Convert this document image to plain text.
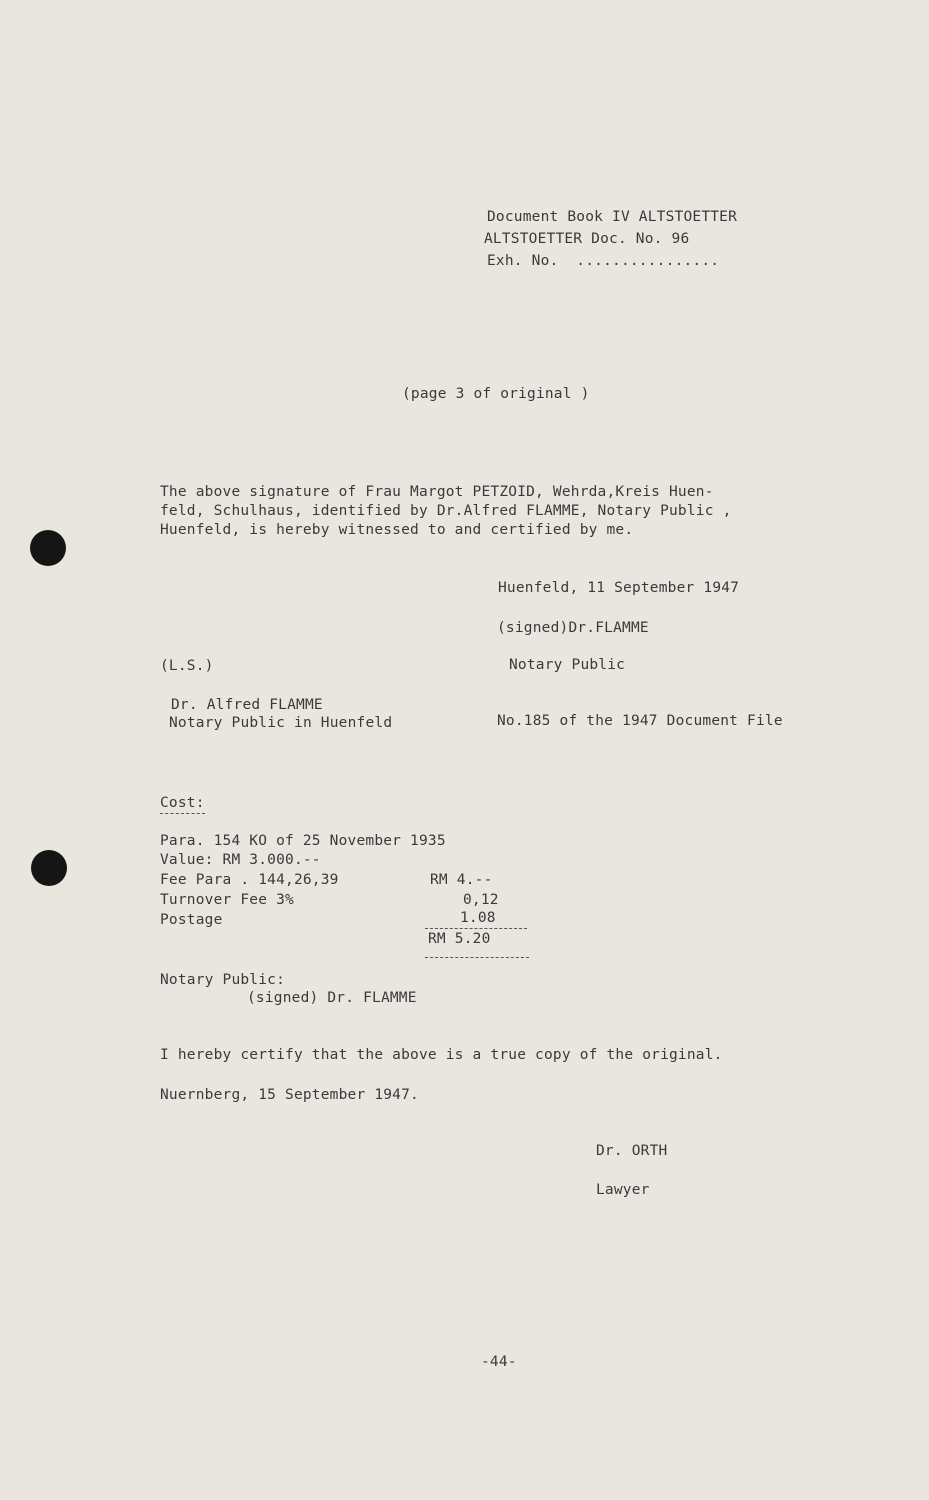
Document Book IV ALTSTOETTER
ALTSTOETTER Doc. No. 96
Exh. No.  ................
(page 3 of original )
The above signature of Frau Margot PETZOID, Wehrda,Kreis Huen-
feld, Schulhaus, identified by Dr.Alfred FLAMME, Notary Public ,
Huenfeld, is hereby witnessed to and certified by me.
Huenfeld, 11 September 1947
(signed)Dr.FLAMME
Notary Public
(L.S.)
Dr. Alfred FLAMME
Notary Public in Huenfeld	No.185 of the 1947 Document File
Cost:
Para. 154 KO of 25 November 1935
Value: RM 3.000.--
Fee Para . 144,26,39	RM 4.--
Turnover Fee 3%	0,12
Postage	1.08
RM 5.20
Notary Public:
(signed) Dr. FLAMME
I hereby certify that the above is a true copy of the original.
Nuernberg, 15 September 1947.
Dr. ORTH
Lawyer
-44-
